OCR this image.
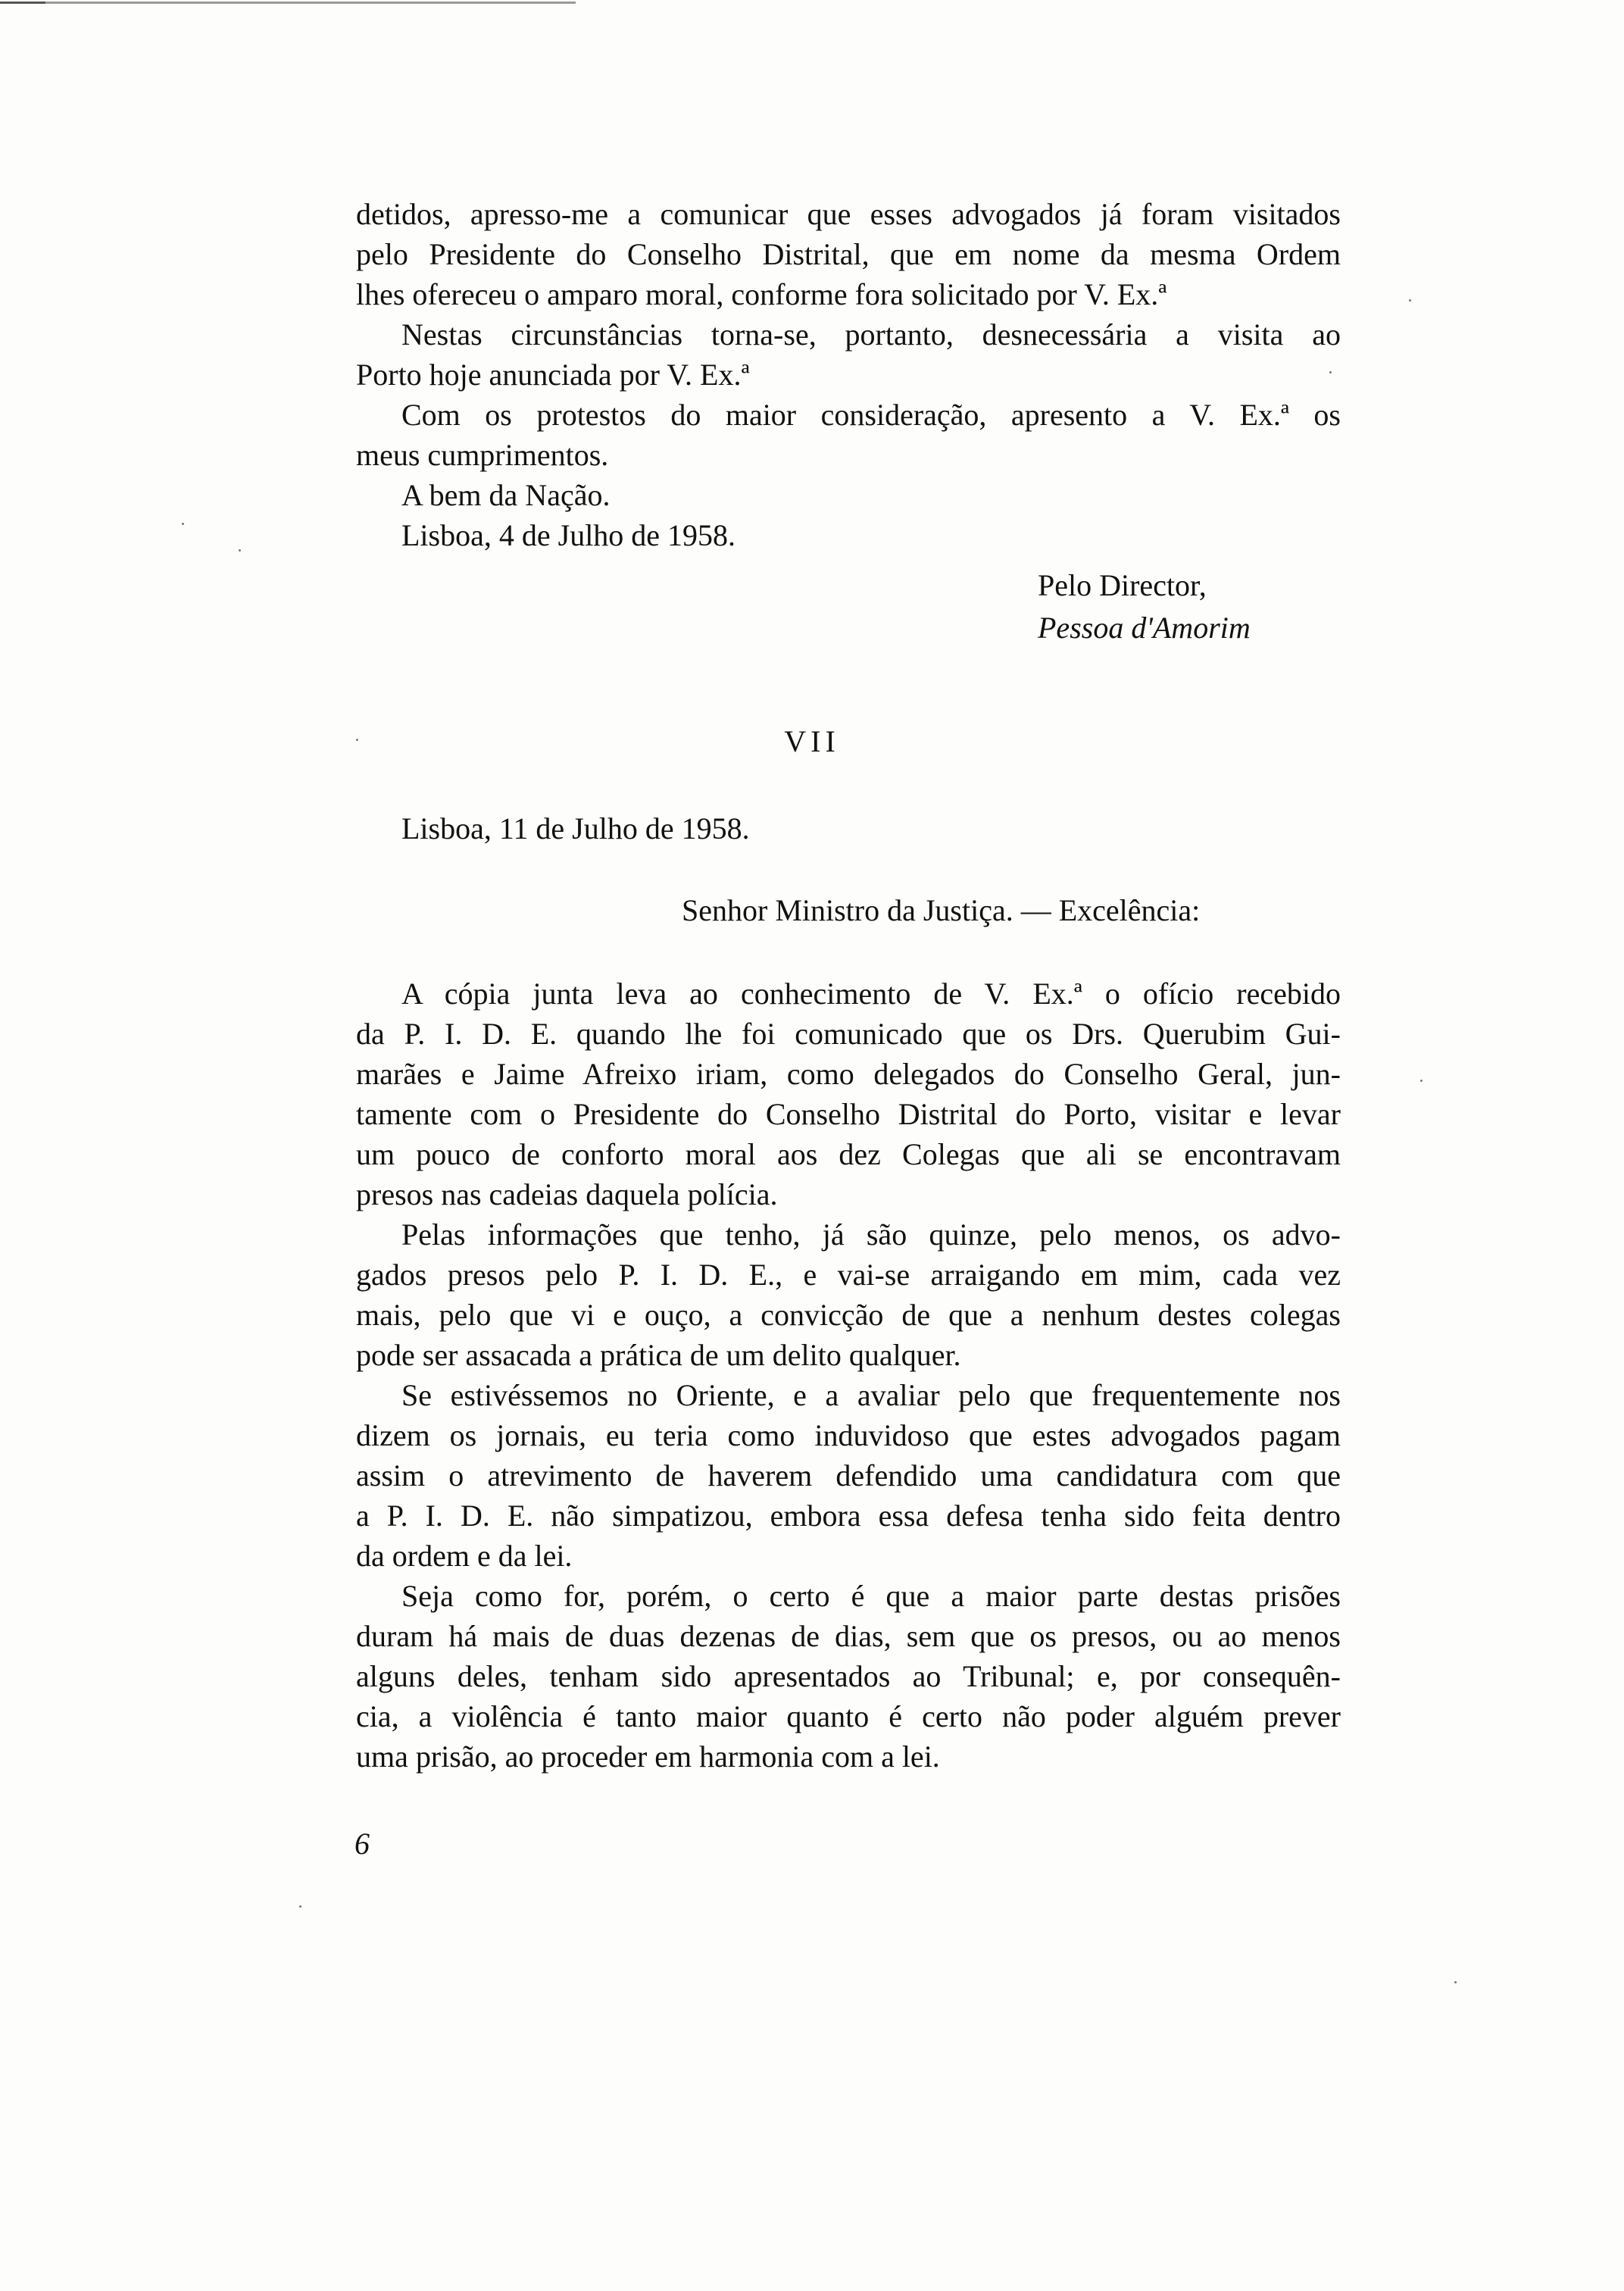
detidos, apresso-me a comunicar que esses advogados já foram visitados
pelo Presidente do Conselho Distrital, que em nome da mesma Ordem
lhes ofereceu o amparo moral, conforme fora solicitado por V. Ex.ª
Nestas circunstâncias torna-se, portanto, desnecessária a visita ao
Porto hoje anunciada por V. Ex.ª
Com os protestos do maior consideração, apresento a V. Ex.ª os
meus cumprimentos.
A bem da Nação.
Lisboa, 4 de Julho de 1958.
Pelo Director,
Pessoa d'Amorim
VII
Lisboa, 11 de Julho de 1958.
Senhor Ministro da Justiça. — Excelência:
A cópia junta leva ao conhecimento de V. Ex.ª o ofício recebido
da P. I. D. E. quando lhe foi comunicado que os Drs. Querubim Gui-
marães e Jaime Afreixo iriam, como delegados do Conselho Geral, jun-
tamente com o Presidente do Conselho Distrital do Porto, visitar e levar
um pouco de conforto moral aos dez Colegas que ali se encontravam
presos nas cadeias daquela polícia.
Pelas informações que tenho, já são quinze, pelo menos, os advo-
gados presos pelo P. I. D. E., e vai-se arraigando em mim, cada vez
mais, pelo que vi e ouço, a convicção de que a nenhum destes colegas
pode ser assacada a prática de um delito qualquer.
Se estivéssemos no Oriente, e a avaliar pelo que frequentemente nos
dizem os jornais, eu teria como induvidoso que estes advogados pagam
assim o atrevimento de haverem defendido uma candidatura com que
a P. I. D. E. não simpatizou, embora essa defesa tenha sido feita dentro
da ordem e da lei.
Seja como for, porém, o certo é que a maior parte destas prisões
duram há mais de duas dezenas de dias, sem que os presos, ou ao menos
alguns deles, tenham sido apresentados ao Tribunal; e, por consequên-
cia, a violência é tanto maior quanto é certo não poder alguém prever
uma prisão, ao proceder em harmonia com a lei.
6
